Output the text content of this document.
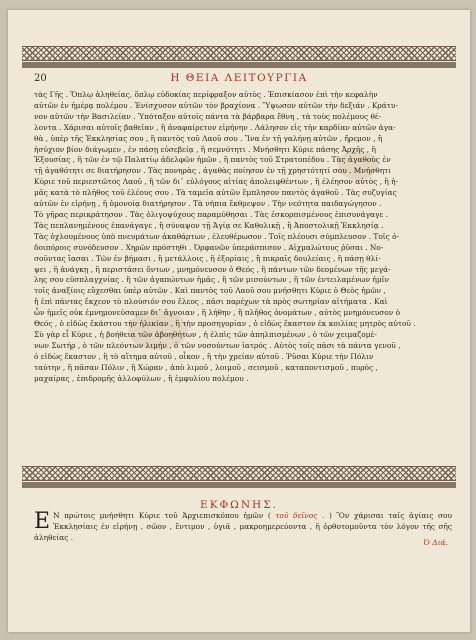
20	Η ΘΕΙΑ ΛΕΙΤΟΥΡΓΙΑ
τὰς Γῆς . Ὅπλῳ ἀληθείας, ὅπλῳ εὐδοκίας περίφραξον αὐτὸς . Ἐπισκίασον ἐπὶ τὴν κεφαλὴν
αὐτῶν ἐν ἡμέρᾳ πολέμου . Ἐνίσχυσον αὐτῶν τὸν βραχίονα . Ὕψωσον αὐτῶν τὴν δεξιάν . Κράτυ-
νον αὐτῶν τὴν Βασιλείαν . Ὑπόταξον αὐτοῖς πάντα τὰ βάρβαρα ἔθνη , τὰ τοὺς πολέμους θέ-
λοντα . Χάρισαι αὐτοῖς βαθεῖαν , ἢ ἀναφαίρετον εἰρήνην . Λάλησον εἰς τὴν καρδίαν αὐτῶν ἀγα-
θὰ , ὑπὲρ τῆς Ἐκκλησίας σου , ἢ παντὸς τοῦ Λαοῦ σου . Ἵνα ἐν τῇ γαλήνῃ αὐτῶν , ἤρεμον , ἢ
ἡσύχιον βίον διάγωμεν , ἐν πάσῃ εὐσεβείᾳ , ἢ σεμνότητι . Μνήσθητι Κύριε πάσης Ἀρχῆς , ἢ
Ἐξουσίας , ἢ τῶν ἐν τῷ Παλατίῳ ἀδελφῶν ἡμῶν , ἢ παντὸς τοῦ Στρατοπέδου . Τὰς ἀγαθοὺς ἐν
τῇ ἀγαθότητι σε διατήρησον . Τὰς πονηρὰς , ἀγαθὰς ποίησον ἐν τῇ χρηστότητί σου . Μνήσθητι
Κύριε τοῦ περιεστῶτος Λαοῦ , ἢ τῶν δι᾿ εὐλόγους αἰτίας ἀπολειφθέντων , ἢ ἐλέησον αὐτὸς , ἢ ἡ-
μᾶς κατὰ τὸ πλῆθος τοῦ ἐλέους σου . Τὰ ταμεῖα αὐτῶν ἔμπλησον παντὸς ἀγαθοῦ . Τὰς συζυγίας
αὐτῶν ἐν εἰρήνῃ , ἢ ὁμονοίᾳ διατήρησον . Τὰ νήπια ἔκθρεψον . Τὴν νεότητα παιδαγώγησον .
Τὸ γῆρας περικράτησον . Τὰς ὀλιγοψύχους παραμύθησαι . Τὰς ἐσκορπισμένους ἐπισυνάγαγε .
Τὰς πεπλανημένους ἐπανάγαγε , ἢ σύναψον τῇ Ἁγίᾳ σε Καθολικῇ , ἢ Ἀποστολικῇ Ἐκκλησίᾳ .
Τὰς ὀχλουμένους ὑπὸ πνευμάτων ἀκαθάρτων , ἐλευθέρωσον . Τοῖς πλέουσι σύμπλευσον . Τοῖς ὁ-
δοιπόροις συνόδευσον . Χηρῶν πρόστηθι . Ὀρφανῶν ὑπεράσπισον . Αἰχμαλώτους ῥῦσαι . Νο-
σοῦντας ἴασαι . Τῶν ἐν βήμασι , ἢ μετάλλοις , ἢ ἐξορίαις , ἢ πικραῖς δουλείαις , ἢ πάσῃ θλί-
ψει , ἢ ἀνάγκῃ , ἢ περιστάσει ὄντων , μνημόνευσον ὁ Θεός , ἢ πάντων τῶν δεομένων τῆς μεγά-
λης σου εὐσπλαγχνίας . ἢ τῶν ἀγαπώντων ἡμᾶς , ἢ τῶν μισούντων , ἢ τῶν ἐντειλαμένων ἡμῖν
τοῖς ἀναξίοις εὔχεσθαι ὑπὲρ αὐτῶν . Καὶ παντὸς τοῦ Λαοῦ σου μνήσθητι Κύριε ὁ Θεὸς ἡμῶν ,
ἢ ἐπὶ πάντας ἔκχεον τὸ πλούσιόν σου ἔλεος , πᾶσι παρέχων τὰ πρὸς σωτηρίαν αἰτήματα . Καὶ
ὧν ἡμεῖς οὐκ ἐμνημονεύσαμεν δι᾿ ἄγνοιαν , ἢ λήθην , ἢ πλῆθος ὀνομάτων , αὐτὸς μνημόνευσον ὁ
Θεός , ὁ εἰδὼς ἕκάστου τὴν ἡλικίαν , ἢ τὴν προσηγορίαν , ὁ εἰδὼς ἕκαστον ἐκ κοιλίας μητρὸς αὐτοῦ .
Σὺ γὰρ εἶ Κύριε , ἡ βοήθεια τῶν ἀβοηθήτων , ἡ ἐλπὶς τῶν ἀπηλπισμένων , ὁ τῶν χειμαζομέ-
νων Σωτήρ , ὁ τῶν πλεόντων λιμήν , ὁ τῶν νοσούντων ἰατρός . Αὐτὸς τοῖς πᾶσι τὰ πάντα γενοῦ ,
ὁ εἰδὼς ἕκαστον , ἢ τὸ αἴτημα αὐτοῦ , οἶκον , ἢ τὴν χρείαν αὐτοῦ . Ῥῦσαι Κύριε τὴν Πόλιν
ταύτην , ἢ πᾶσαν Πόλιν , ἢ Χώραν , ἀπὸ λιμοῦ , λοιμοῦ , σεισμοῦ , καταποντισμοῦ , πυρὸς ,
μαχαίρας , ἐπιδρομῆς ἀλλοφύλων , ἢ ἐμφυλίου πολέμου .
ΕΚΦΩΝΗΣ.

Ε Ν πρώτοις μνήσθητι Κύριε τοῦ Ἀρχιεπισκόπου ἡμῶν ( τοῦ δεῖνος . ) Ὃν χάρισαι ταῖς ἁγίαις σου Ἐκκλησίαις ἐν εἰρήνῃ , σῶον , ἔντιμον , ὑγιᾶ , μακροημερεύοντα , ἢ ὀρθοτομοῦντα τὸν λόγον τῆς σῆς ἀληθείας .

Ὁ Διά.
